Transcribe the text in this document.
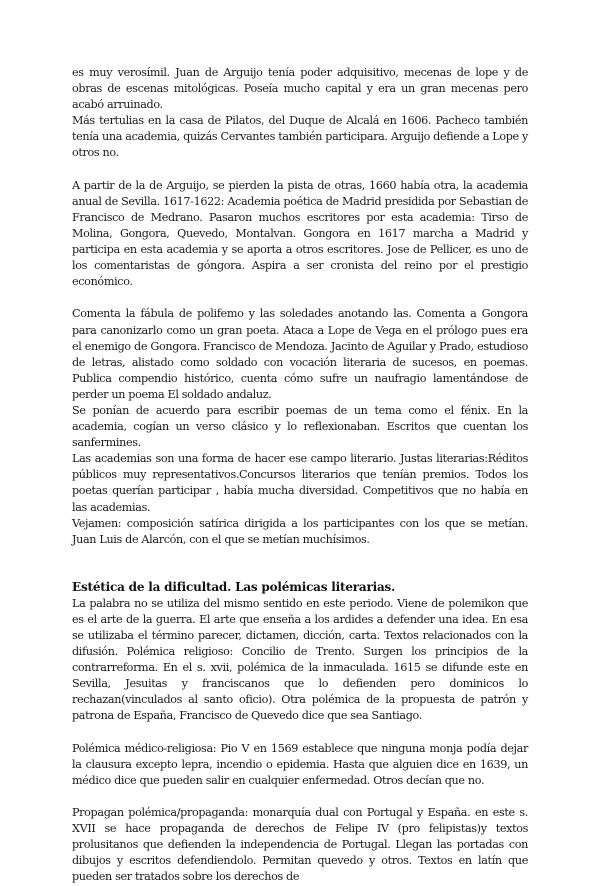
es muy verosímil. Juan de Arguijo tenía poder adquisitivo, mecenas de lope y de obras de escenas mitológicas. Poseía mucho capital y era un gran mecenas pero acabó arruinado.

Más tertulias en la casa de Pilatos, del Duque de Alcalá en 1606. Pacheco también tenía una academia, quizás Cervantes también participara. Arguijo defiende a Lope y otros no.

A partir de la de Arguijo, se pierden la pista de otras, 1660 había otra, la academia anual de Sevilla. 1617-1622: Academia poética de Madrid presidida por Sebastian de Francisco de Medrano. Pasaron muchos escritores por esta academia: Tirso de Molina, Gongora, Quevedo, Montalvan. Gongora en 1617 marcha a Madrid y participa en esta academia y se aporta a otros escritores. Jose de Pellicer, es uno de los comentaristas de góngora. Aspira a ser cronista del reino por el prestigio económico.

Comenta la fábula de polifemo y las soledades anotando las. Comenta a Gongora para canonizarlo como un gran poeta. Ataca a Lope de Vega en el prólogo pues era el enemigo de Gongora. Francisco de Mendoza. Jacinto de Aguilar y Prado, estudioso de letras, alistado como soldado con vocación literaria de sucesos, en poemas. Publica compendio histórico, cuenta cómo sufre un naufragio lamentándose de perder un poema El soldado andaluz.

Se ponían de acuerdo para escribir poemas de un tema como el fénix. En la academia, cogían un verso clásico y lo reflexionaban. Escritos que cuentan los sanfermines.

Las academias son una forma de hacer ese campo literario. Justas literarias:Réditos públicos muy representativos.Concursos literarios que tenían premios. Todos los poetas querían participar , había mucha diversidad. Competitivos que no había en las academias.

Vejamen: composición satírica dirigida a los participantes con los que se metían. Juan Luis de Alarcón, con el que se metían muchísimos.

Estética de la dificultad. Las polémicas literarias.

La palabra no se utiliza del mismo sentido en este periodo. Viene de polemikon que es el arte de la guerra. El arte que enseña a los ardides a defender una idea. En esa se utilizaba el término parecer, dictamen, dicción, carta. Textos relacionados con la difusión. Polémica religioso: Concilio de Trento. Surgen los principios de la contrarreforma. En el s. xvii, polémica de la inmaculada. 1615 se difunde este en Sevilla, Jesuitas y franciscanos que lo defienden pero dominicos lo rechazan(vinculados al santo oficio). Otra polémica de la propuesta de patrón y patrona de España, Francisco de Quevedo dice que sea Santiago.

Polémica médico-religiosa: Pio V en 1569 establece que ninguna monja podía dejar la clausura excepto lepra, incendio o epidemia. Hasta que alguien dice en 1639, un médico dice que pueden salir en cualquier enfermedad. Otros decían que no.

Propagan polémica/propaganda: monarquía dual con Portugal y España. en este s. XVII se hace propaganda de derechos de Felipe IV (pro felipistas)y textos prolusitanos que defienden la independencia de Portugal. Llegan las portadas con dibujos y escritos defendiendolo. Permitan quevedo y otros. Textos en latín que pueden ser tratados sobre los derechos de
